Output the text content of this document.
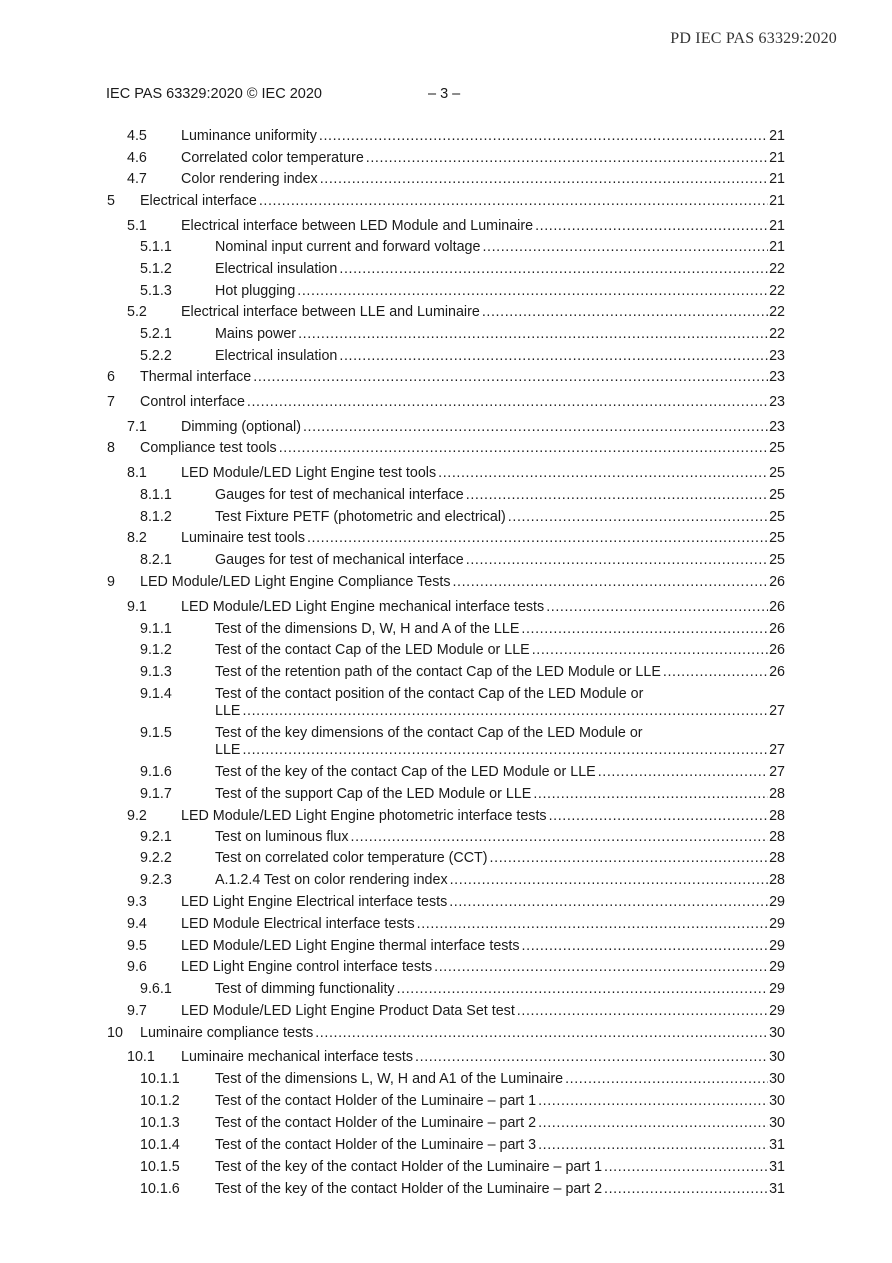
PD IEC PAS 63329:2020
IEC PAS 63329:2020 © IEC 2020	– 3 –
4.5 Luminance uniformity .....	21
4.6 Correlated color temperature .....	21
4.7 Color rendering index .....	21
5 Electrical interface .....	21
5.1 Electrical interface between LED Module and Luminaire .....	21
5.1.1	Nominal input current and forward voltage .....	21
5.1.2	Electrical insulation .....	22
5.1.3	Hot plugging .....	22
5.2 Electrical interface between LLE and Luminaire .....	22
5.2.1	Mains power .....	22
5.2.2	Electrical insulation .....	23
6 Thermal interface .....	23
7 Control interface .....	23
7.1 Dimming (optional) .....	23
8 Compliance test tools .....	25
8.1 LED Module/LED Light Engine test tools .....	25
8.1.1	Gauges for test of mechanical interface .....	25
8.1.2	Test Fixture PETF (photometric and electrical) .....	25
8.2 Luminaire test tools .....	25
8.2.1	Gauges for test of mechanical interface .....	25
9 LED Module/LED Light Engine Compliance Tests .....	26
9.1 LED Module/LED Light Engine mechanical interface tests .....	26
9.1.1	Test of the dimensions D, W, H and A of the LLE .....	26
9.1.2	Test of the contact Cap of the LED Module or LLE .....	26
9.1.3	Test of the retention path of the contact Cap of the LED Module or LLE .....	26
9.1.4	Test of the contact position of the contact Cap of the LED Module or
LLE .....	27
9.1.5	Test of the key dimensions of the contact Cap of the LED Module or
LLE .....	27
9.1.6	Test of the key of the contact Cap of the LED Module or LLE .....	27
9.1.7	Test of the support Cap of the LED Module or LLE .....	28
9.2 LED Module/LED Light Engine photometric interface tests .....	28
9.2.1	Test on luminous flux .....	28
9.2.2	Test on correlated color temperature (CCT) .....	28
9.2.3	A.1.2.4 Test on color rendering index .....	28
9.3 LED Light Engine Electrical interface tests .....	29
9.4 LED Module Electrical interface tests .....	29
9.5 LED Module/LED Light Engine thermal interface tests .....	29
9.6 LED Light Engine control interface tests .....	29
9.6.1	Test of dimming functionality .....	29
9.7 LED Module/LED Light Engine Product Data Set test .....	29
10 Luminaire compliance tests .....	30
10.1 Luminaire mechanical interface tests .....	30
10.1.1 Test of the dimensions L, W, H and A1 of the Luminaire .....	30
10.1.2 Test of the contact Holder of the Luminaire – part 1 .....	30
10.1.3 Test of the contact Holder of the Luminaire – part 2 .....	30
10.1.4 Test of the contact Holder of the Luminaire – part 3 .....	31
10.1.5 Test of the key of the contact Holder of the Luminaire – part 1 .....	31
10.1.6 Test of the key of the contact Holder of the Luminaire – part 2 .....	31
